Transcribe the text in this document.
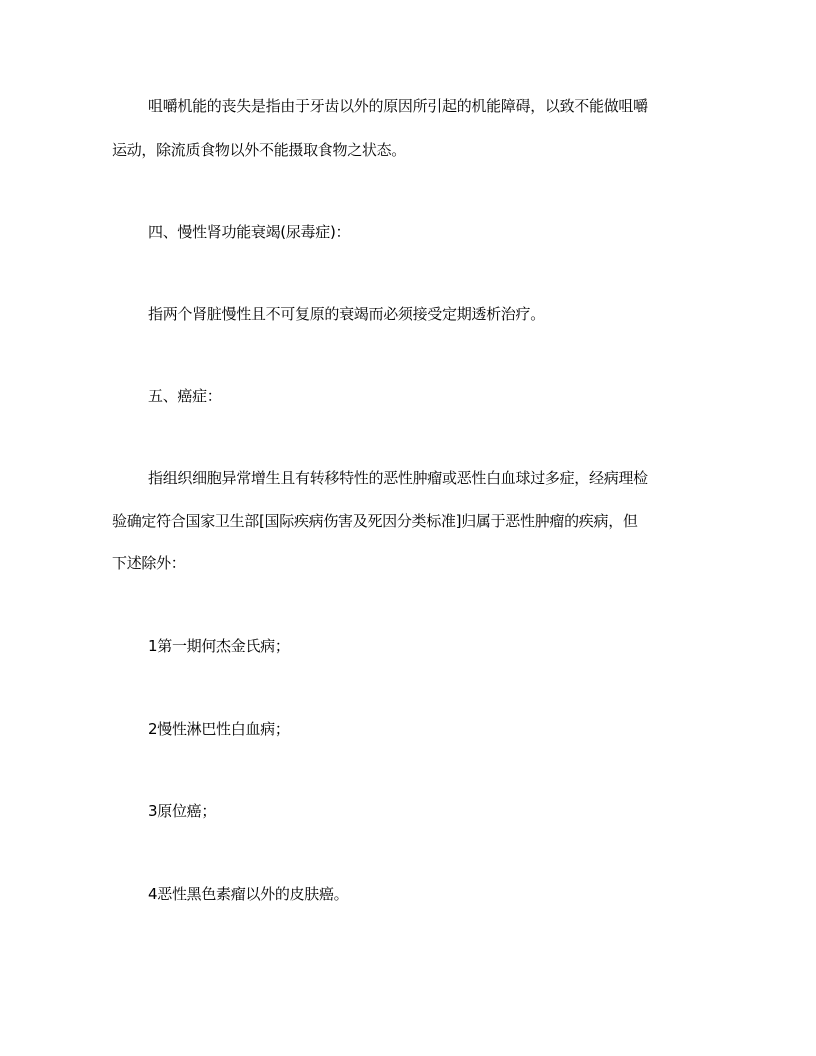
咀嚼机能的丧失是指由于牙齿以外的原因所引起的机能障碍，以致不能做咀嚼
运动，除流质食物以外不能摄取食物之状态。
四、慢性肾功能衰竭(尿毒症)：
指两个肾脏慢性且不可复原的衰竭而必须接受定期透析治疗。
五、癌症：
指组织细胞异常增生且有转移特性的恶性肿瘤或恶性白血球过多症，经病理检
验确定符合国家卫生部[国际疾病伤害及死因分类标准]归属于恶性肿瘤的疾病，但
下述除外：
1第一期何杰金氏病；
2慢性淋巴性白血病；
3原位癌；
4恶性黑色素瘤以外的皮肤癌。
